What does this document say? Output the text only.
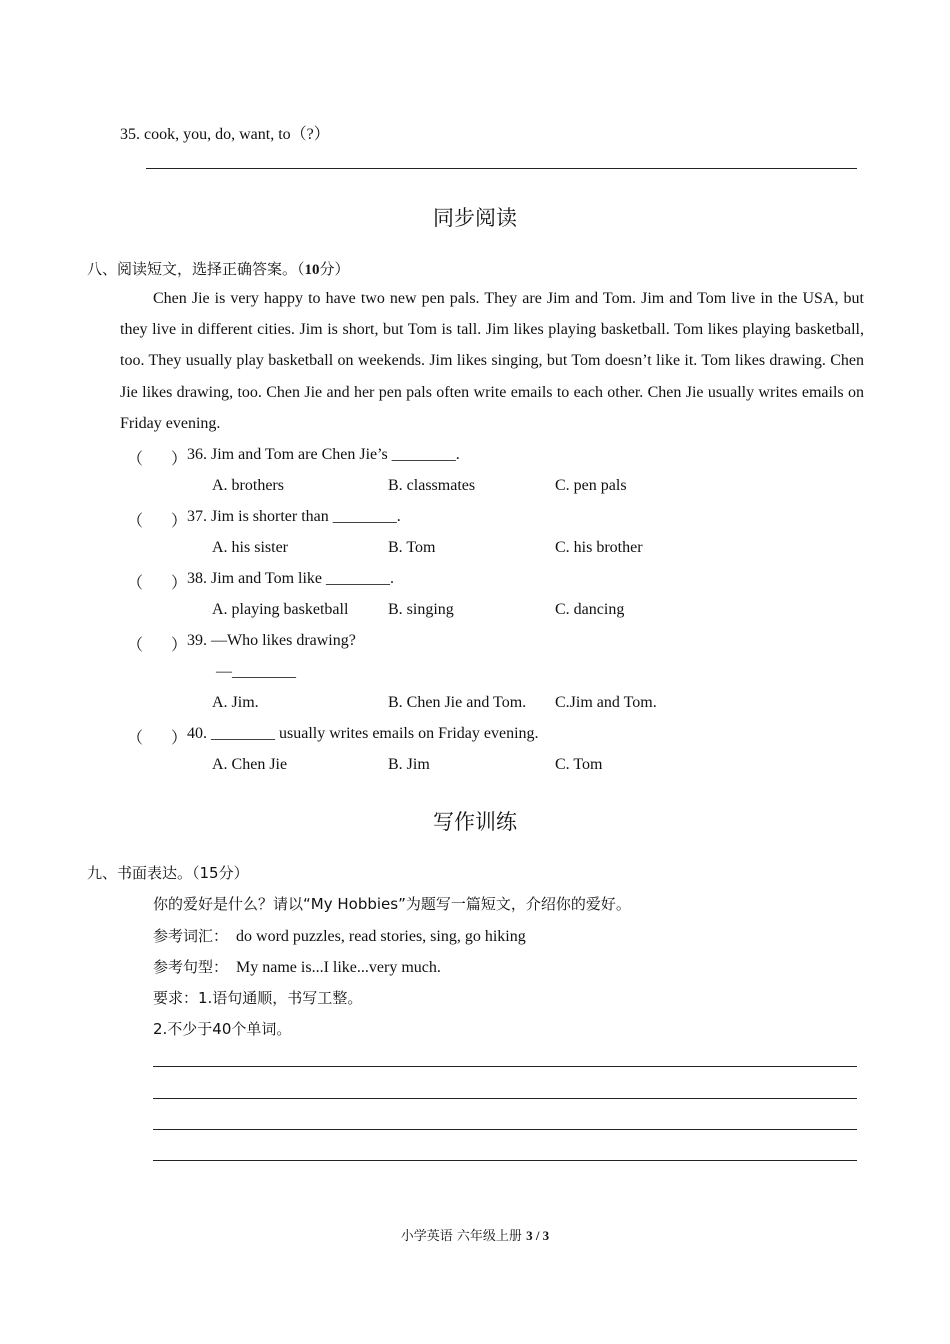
35. cook, you, do, want, to（?）
同步阅读
八、阅读短文，选择正确答案。（10分）
Chen Jie is very happy to have two new pen pals. They are Jim and Tom. Jim and Tom live in the USA, but they live in different cities. Jim is short, but Tom is tall. Jim likes playing basketball. Tom likes playing basketball, too. They usually play basketball on weekends. Jim likes singing, but Tom doesn’t like it. Tom likes drawing. Chen Jie likes drawing, too. Chen Jie and her pen pals often write emails to each other. Chen Jie usually writes emails on Friday evening.
（ ） 36. Jim and Tom are Chen Jie’s ________.
A. brothers	B. classmates	C. pen pals
（ ） 37. Jim is shorter than ________.
A. his sister	B. Tom	C. his brother
（ ） 38. Jim and Tom like ________.
A. playing basketball B. singing	C. dancing
（ ） 39. —Who likes drawing?
—________
A. Jim.	B. Chen Jie and Tom. C.Jim and Tom.
（ ） 40. ________ usually writes emails on Friday evening.
A. Chen Jie	B. Jim	C. Tom
写作训练
九、书面表达。（15分）
你的爱好是什么？请以“My Hobbies”为题写一篇短文，介绍你的爱好。
参考词汇： do word puzzles, read stories, sing, go hiking
参考句型： My name is...I like...very much.
要求：1.语句通顺，书写工整。
2.不少于40个单词。
小学英语 六年级上册 3 / 3
